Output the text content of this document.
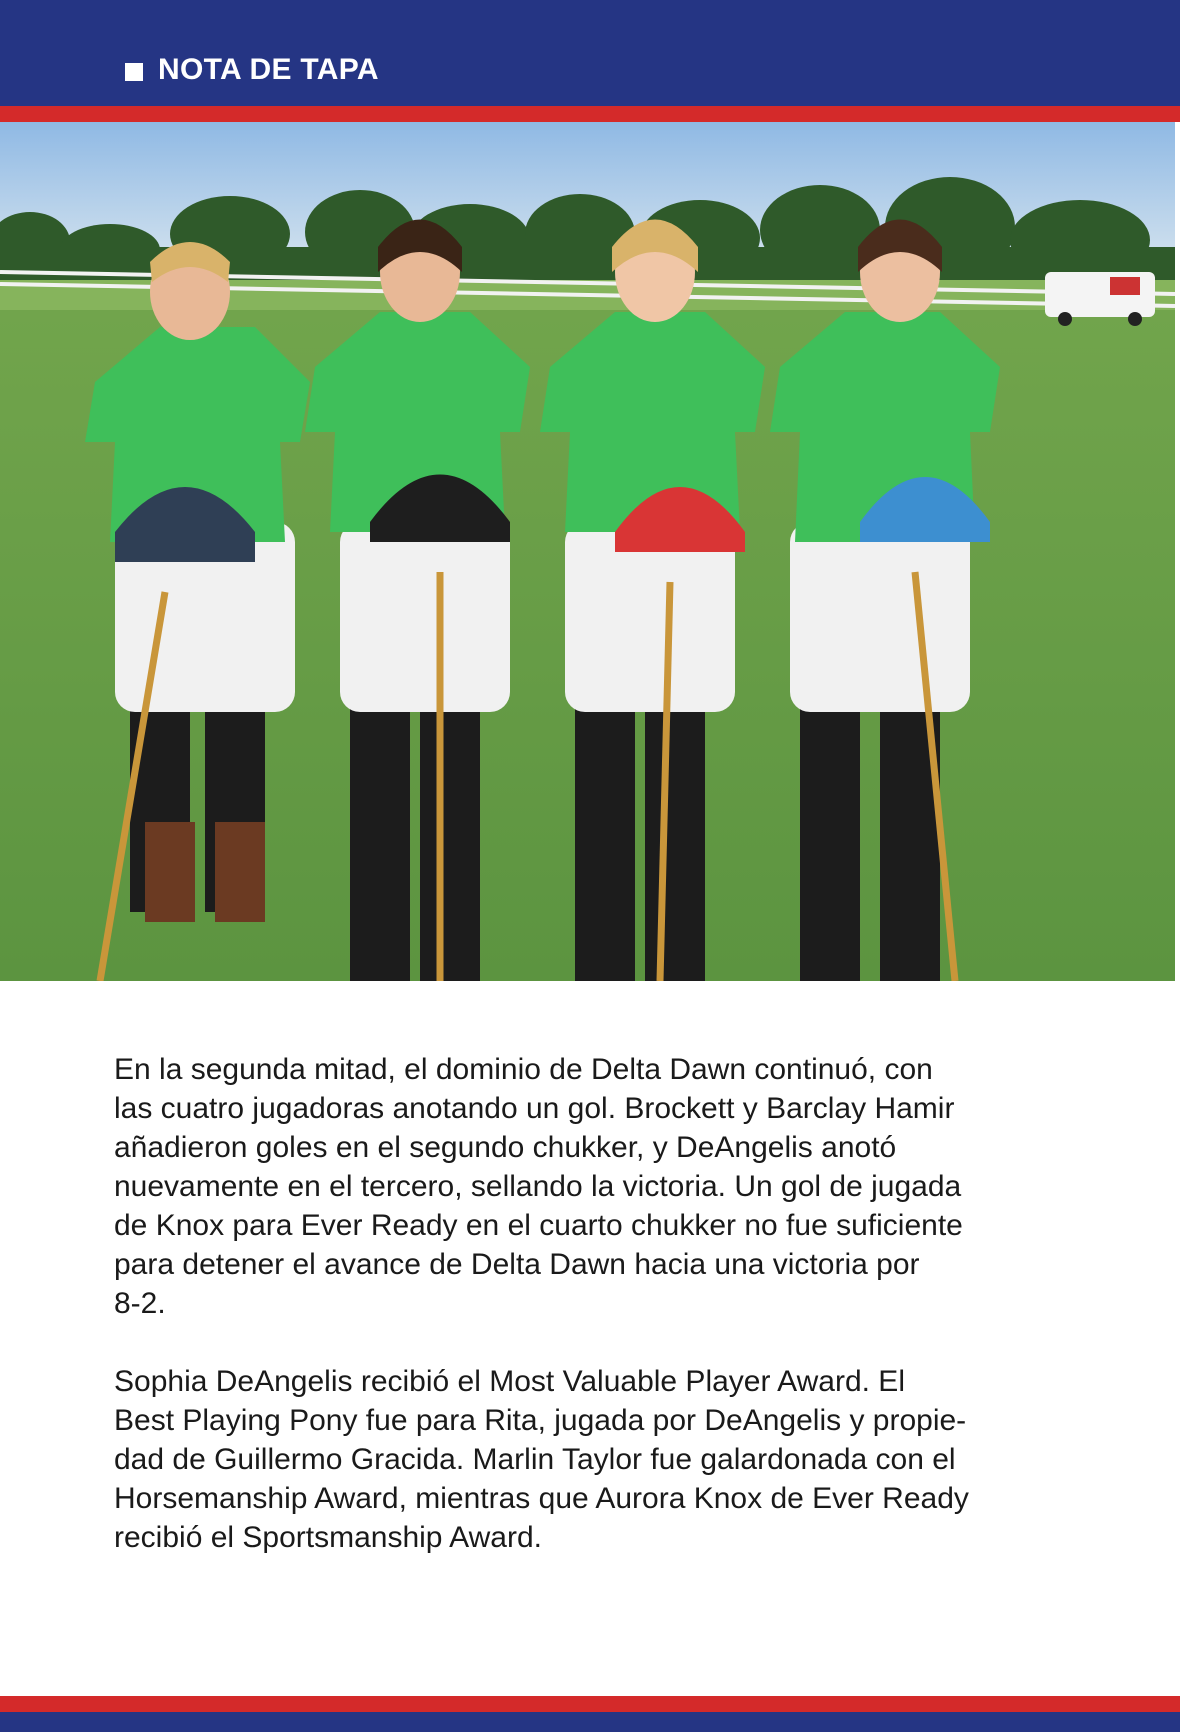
NOTA DE TAPA

En la segunda mitad, el dominio de Delta Dawn continuó, con
las cuatro jugadoras anotando un gol. Brockett y Barclay Hamir
añadieron goles en el segundo chukker, y DeAngelis anotó
nuevamente en el tercero, sellando la victoria. Un gol de jugada
de Knox para Ever Ready en el cuarto chukker no fue suficiente
para detener el avance de Delta Dawn hacia una victoria por
8-2.

Sophia DeAngelis recibió el Most Valuable Player Award. El
Best Playing Pony fue para Rita, jugada por DeAngelis y propie-
dad de Guillermo Gracida. Marlin Taylor fue galardonada con el
Horsemanship Award, mientras que Aurora Knox de Ever Ready
recibió el Sportsmanship Award.
